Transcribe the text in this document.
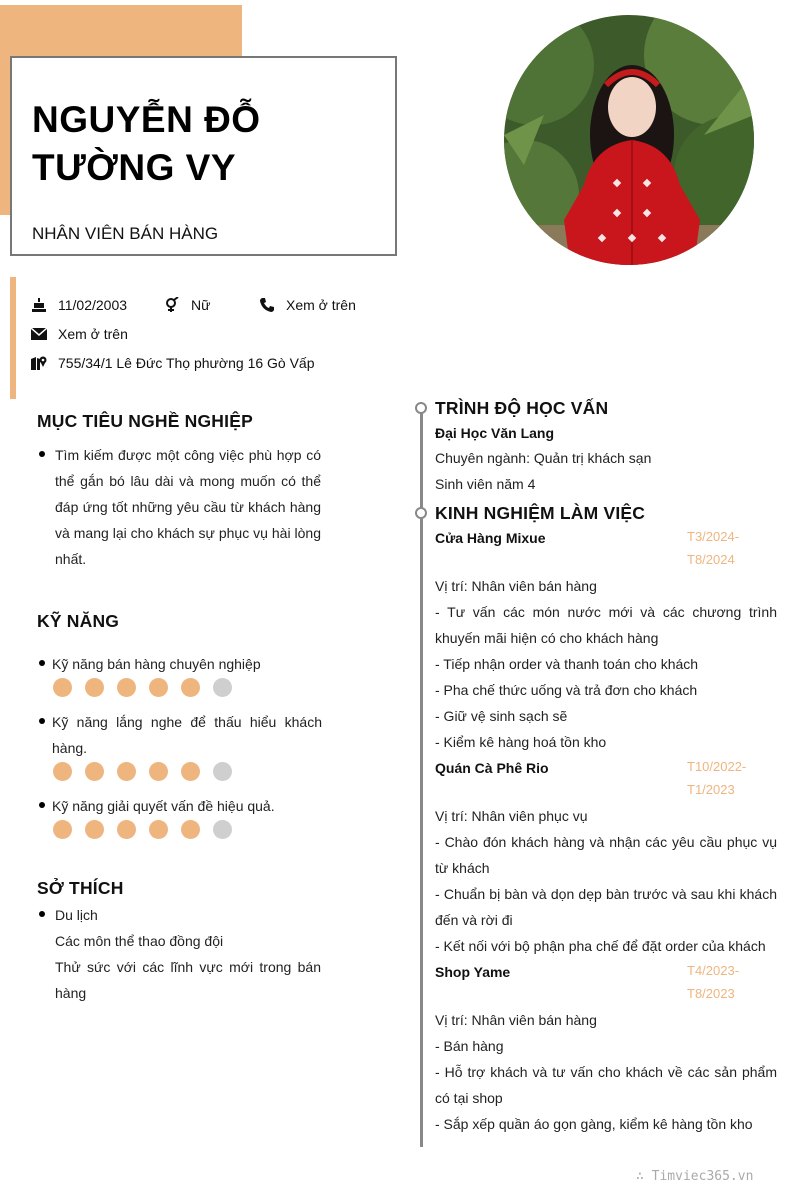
NGUYỄN ĐỖ TƯỜNG VY
NHÂN VIÊN BÁN HÀNG
11/02/2003	Nữ	Xem ở trên
Xem ở trên
755/34/1 Lê Đức Thọ phường 16 Gò Vấp
MỤC TIÊU NGHỀ NGHIỆP
Tìm kiếm được một công việc phù hợp có thể gắn bó lâu dài và mong muốn có thể đáp ứng tốt những yêu cầu từ khách hàng và mang lại cho khách sự phục vụ hài lòng nhất.
KỸ NĂNG
Kỹ năng bán hàng chuyên nghiệp
Kỹ năng lắng nghe để thấu hiểu khách hàng.
Kỹ năng giải quyết vấn đề hiệu quả.
SỞ THÍCH
Du lịch
Các môn thể thao đồng đội
Thử sức với các lĩnh vực mới trong bán hàng
TRÌNH ĐỘ HỌC VẤN
Đại Học Văn Lang
Chuyên ngành: Quản trị khách sạn
Sinh viên năm 4
KINH NGHIỆM LÀM VIỆC
Cửa Hàng Mixue	T3/2024-
T8/2024
Vị trí: Nhân viên bán hàng
- Tư vấn các món nước mới và các chương trình khuyến mãi hiện có cho khách hàng
- Tiếp nhận order và thanh toán cho khách
- Pha chế thức uống và trả đơn cho khách
- Giữ vệ sinh sạch sẽ
- Kiểm kê hàng hoá tồn kho
Quán Cà Phê Rio	T10/2022-
T1/2023
Vị trí: Nhân viên phục vụ
- Chào đón khách hàng và nhận các yêu cầu phục vụ từ khách
- Chuẩn bị bàn và dọn dẹp bàn trước và sau khi khách đến và rời đi
- Kết nối với bộ phận pha chế để đặt order của khách
Shop Yame	T4/2023-
T8/2023
Vị trí: Nhân viên bán hàng
- Bán hàng
- Hỗ trợ khách và tư vấn cho khách về các sản phẩm có tại shop
- Sắp xếp quần áo gọn gàng, kiểm kê hàng tồn kho
∴ Timviec365.vn
